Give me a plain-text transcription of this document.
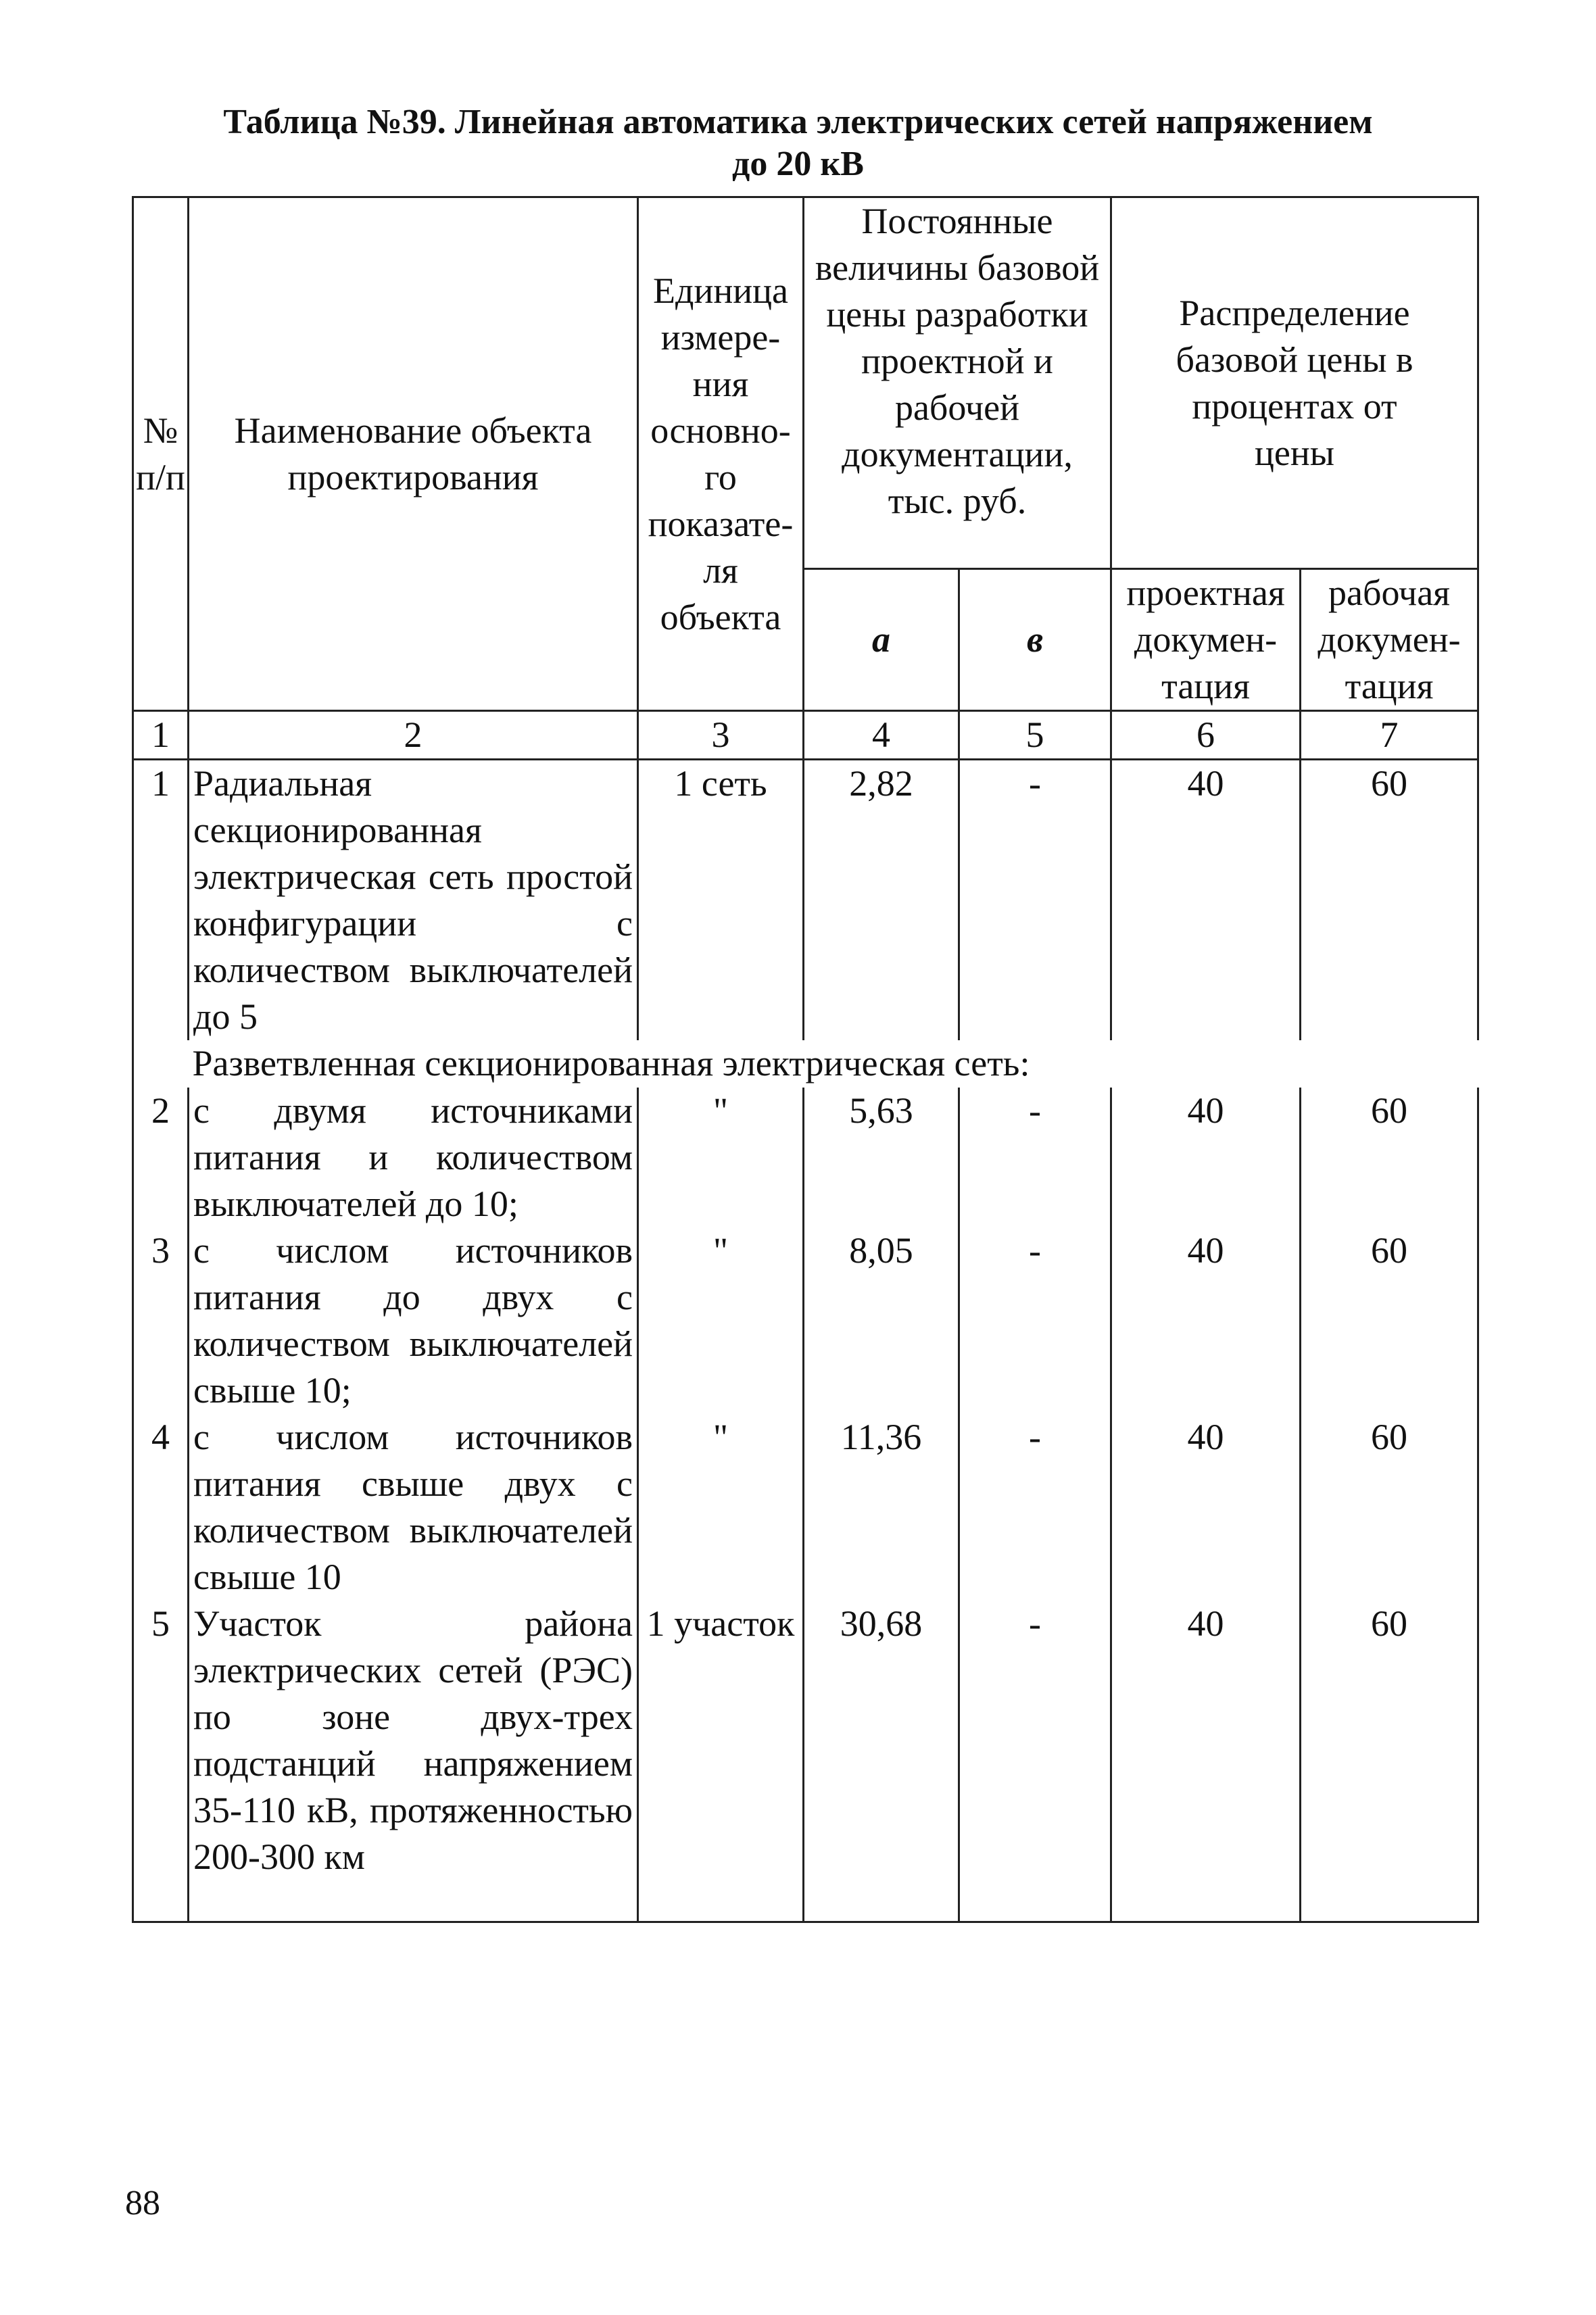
Таблица №39. Линейная автоматика электрических сетей напряжением
до 20 кВ
№ п/п	Наименование объекта проектирования	Единица измере-ния основно-го показате-ля объекта	Постоянные величины базовой цены разработки проектной и рабочей документации, тыс. руб.		Распределение базовой цены в процентах от цены	
			а	в	проектная докумен-тация	рабочая докумен-тация
1	2	3	4	5	6	7
1	Радиальная секционированная электрическая сеть простой конфигурации с количеством выключателей до 5	1 сеть	2,82	-	40	60
	Разветвленная секционированная электрическая сеть:					
2	с двумя источниками питания и количеством выключателей до 10;	"	5,63	-	40	60
3	с числом источников питания до двух с количеством выключателей свыше 10;	"	8,05	-	40	60
4	с числом источников питания свыше двух с количеством выключателей свыше 10	"	11,36	-	40	60
5	Участок района электрических сетей (РЭС) по зоне двух-трех подстанций напряжением 35-110 кВ, протяженностью 200-300 км	1 участок	30,68	-	40	60
88
